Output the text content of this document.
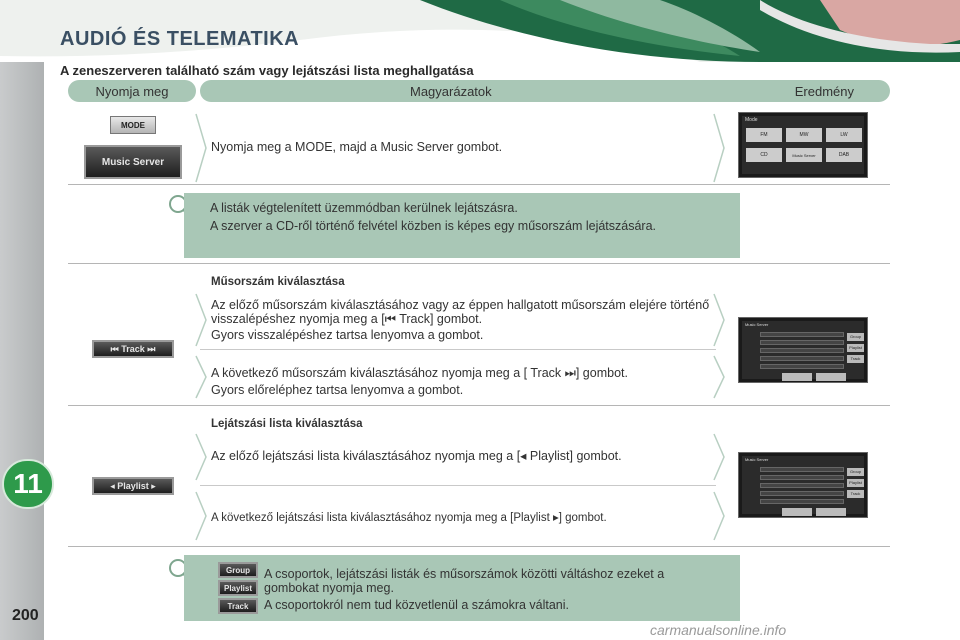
AUDIÓ ÉS TELEMATIKA
A zeneszerveren található szám vagy lejátszási lista meghallgatása
Nyomja meg	Magyarázatok	Eredmény
MODE
Music Server
Nyomja meg a MODE, majd a Music Server gombot.
Mode
FM	MW	LW
CD	Music Server	DAB
A listák végtelenített üzemmódban kerülnek lejátszásra.
A szerver a CD-ről történő felvétel közben is képes egy műsorszám lejátszására.
Műsorszám kiválasztása
⏮ Track ⏭
Az előző műsorszám kiválasztásához vagy az éppen hallgatott műsorszám elejére történő visszalépéshez nyomja meg a [⏮ Track] gombot.
Gyors visszalépéshez tartsa lenyomva a gombot.
A következő műsorszám kiválasztásához nyomja meg a [ Track ⏭] gombot.
Gyors előreléphez tartsa lenyomva a gombot.
Music Server
Group
Playlist
Track
Lejátszási lista kiválasztása
◂ Playlist ▸
Az előző lejátszási lista kiválasztásához nyomja meg a [◂ Playlist] gombot.
A következő lejátszási lista kiválasztásához nyomja meg a [Playlist ▸] gombot.
Music Server
Group
Playlist
Track
Group
Playlist
Track
A csoportok, lejátszási listák és műsorszámok közötti váltáshoz ezeket a gombokat nyomja meg.
A csoportokról nem tud közvetlenül a számokra váltani.
11
200
carmanualsonline.info
